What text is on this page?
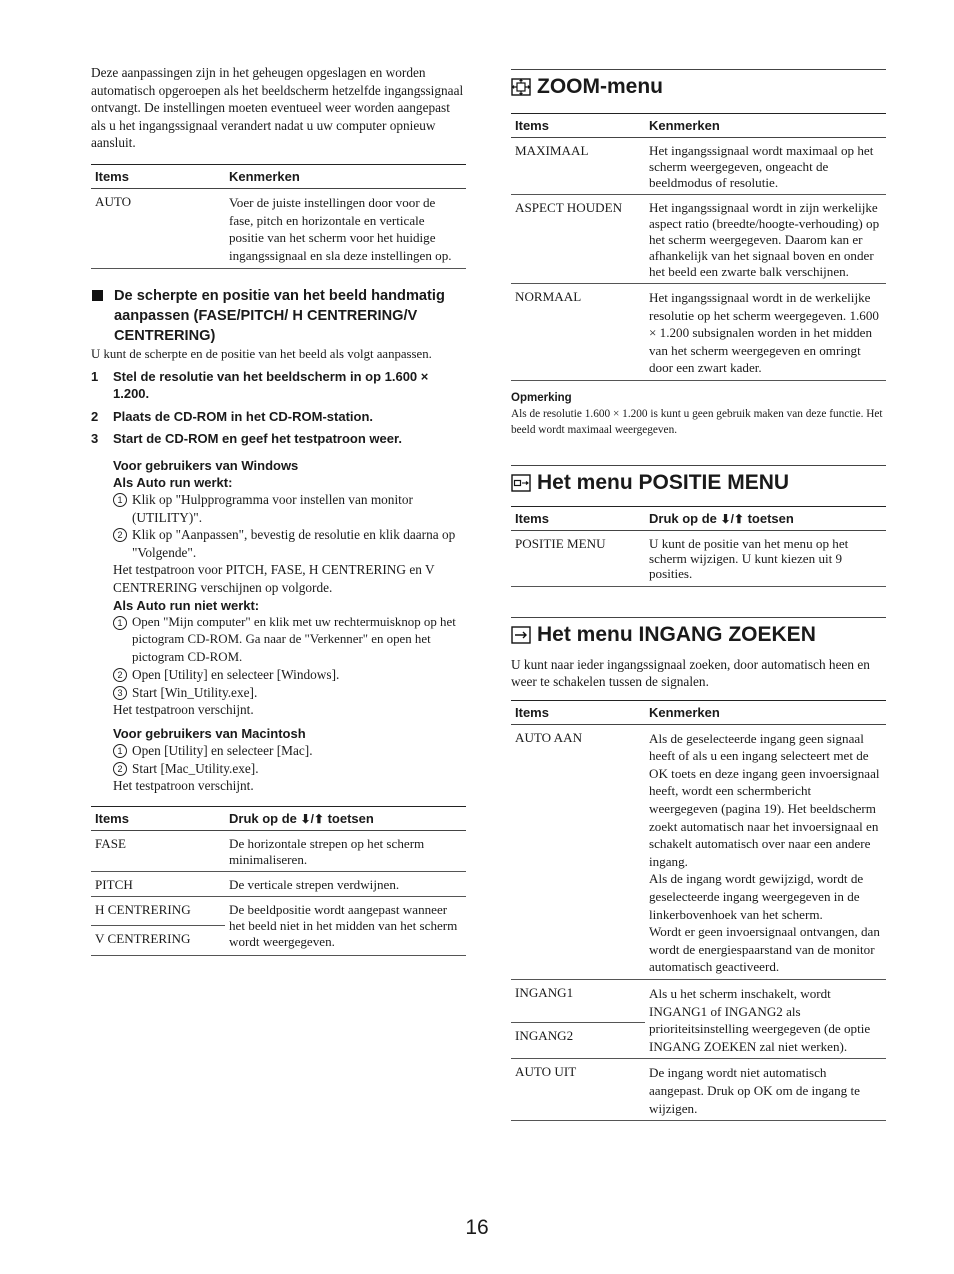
Deze aanpassingen zijn in het geheugen opgeslagen en worden automatisch opgeroepen als het beeldscherm hetzelfde ingangssignaal ontvangt. De instellingen moeten eventueel weer worden aangepast als u het ingangssignaal verandert nadat u uw computer opnieuw aansluit.

Items	Kenmerken
AUTO	Voer de juiste instellingen door voor de fase, pitch en horizontale en verticale positie van het scherm voor het huidige ingangssignaal en sla deze instellingen op.
De scherpte en positie van het beeld handmatig aanpassen (FASE/PITCH/ H CENTRERING/V CENTRERING)

U kunt de scherpte en de positie van het beeld als volgt aanpassen.

1	Stel de resolutie van het beeldscherm in op 1.600 × 1.200.
2	Plaats de CD-ROM in het CD-ROM-station.
3	Start de CD-ROM en geef het testpatroon weer.
Voor gebruikers van Windows
Als Auto run werkt:
1 Klik op "Hulpprogramma voor instellen van monitor (UTILITY)".
2 Klik op "Aanpassen", bevestig de resolutie en klik daarna op "Volgende".

Het testpatroon voor PITCH, FASE, H CENTRERING en V CENTRERING verschijnen op volgorde.

Als Auto run niet werkt:
1 Open "Mijn computer" en klik met uw rechtermuisknop op het pictogram CD-ROM. Ga naar de "Verkenner" en open het pictogram CD-ROM.
2 Open [Utility] en selecteer [Windows].
3 Start [Win_Utility.exe].

Het testpatroon verschijnt.

Voor gebruikers van Macintosh
1 Open [Utility] en selecteer [Mac].
2 Start [Mac_Utility.exe].

Het testpatroon verschijnt.

Items	Druk op de ⬇/⬆ toetsen
FASE	De horizontale strepen op het scherm minimaliseren.
PITCH	De verticale strepen verdwijnen.
H CENTRERING	De beeldpositie wordt aangepast wanneer het beeld niet in het midden van het scherm wordt weergegeven.
V CENTRERING	
ZOOM-menu
Items	Kenmerken
MAXIMAAL	Het ingangssignaal wordt maximaal op het scherm weergegeven, ongeacht de beeldmodus of resolutie.
ASPECT HOUDEN	Het ingangssignaal wordt in zijn werkelijke aspect ratio (breedte/hoogte-verhouding) op het scherm weergegeven. Daarom kan er afhankelijk van het signaal boven en onder het beeld een zwarte balk verschijnen.
NORMAAL	Het ingangssignaal wordt in de werkelijke resolutie op het scherm weergegeven. 1.600 × 1.200 subsignalen worden in het midden van het scherm weergegeven en omringt door een zwart kader.
Opmerking

Als de resolutie 1.600 × 1.200 is kunt u geen gebruik maken van deze functie. Het beeld wordt maximaal weergegeven.

Het menu POSITIE MENU
Items	Druk op de ⬇/⬆ toetsen
POSITIE MENU	U kunt de positie van het menu op het scherm wijzigen. U kunt kiezen uit 9 posities.
Het menu INGANG ZOEKEN

U kunt naar ieder ingangssignaal zoeken, door automatisch heen en weer te schakelen tussen de signalen.

Items	Kenmerken
AUTO AAN	Als de geselecteerde ingang geen signaal heeft of als u een ingang selecteert met de OK toets en deze ingang geen invoersignaal heeft, wordt een schermbericht weergegeven (pagina 19). Het beeldscherm zoekt automatisch naar het invoersignaal en schakelt automatisch over naar een andere ingang.
Als de ingang wordt gewijzigd, wordt de geselecteerde ingang weergegeven in de linkerbovenhoek van het scherm.
Wordt er geen invoersignaal ontvangen, dan wordt de energiespaarstand van de monitor automatisch geactiveerd.
INGANG1	Als u het scherm inschakelt, wordt INGANG1 of INGANG2 als prioriteitsinstelling weergegeven (de optie INGANG ZOEKEN zal niet werken).
INGANG2	
AUTO UIT	De ingang wordt niet automatisch aangepast. Druk op OK om de ingang te wijzigen.
16
